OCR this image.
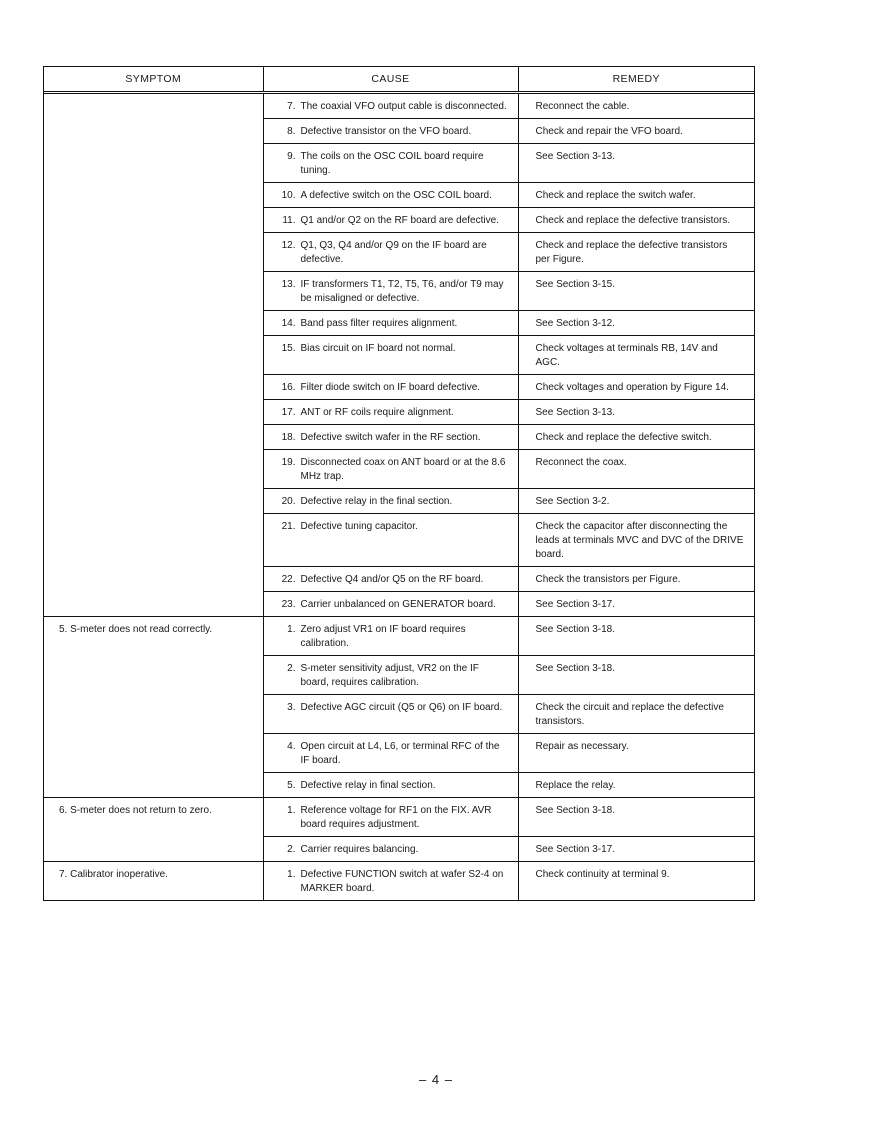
SYMPTOM	CAUSE	REMEDY

	7. The coaxial VFO output cable is disconnected.	Reconnect the cable.

	8. Defective transistor on the VFO board.	Check and repair the VFO board.

	9. The coils on the OSC COIL board require tuning.	See Section 3-13.

	10. A defective switch on the OSC COIL board.	Check and replace the switch wafer.

	11. Q1 and/or Q2 on the RF board are defective.	Check and replace the defective transistors.

	12. Q1, Q3, Q4 and/or Q9 on the IF board are defective.	Check and replace the defective transistors per Figure.

	13. IF transformers T1, T2, T5, T6, and/or T9 may be misaligned or defective.	See Section 3-15.

	14. Band pass filter requires alignment.	See Section 3-12.

	15. Bias circuit on IF board not normal.	Check voltages at terminals RB, 14V and AGC.

	16. Filter diode switch on IF board defective.	Check voltages and operation by Figure 14.

	17. ANT or RF coils require alignment.	See Section 3-13.

	18. Defective switch wafer in the RF section.	Check and replace the defective switch.

	19. Disconnected coax on ANT board or at the 8.6 MHz trap.	Reconnect the coax.

	20. Defective relay in the final section.	See Section 3-2.

	21. Defective tuning capacitor.	Check the capacitor after disconnecting the leads at terminals MVC and DVC of the DRIVE board.

	22. Defective Q4 and/or Q5 on the RF board.	Check the transistors per Figure.

	23. Carrier unbalanced on GENERATOR board.	See Section 3-17.
5. S-meter does not read correctly.	1. Zero adjust VR1 on IF board requires calibration.	See Section 3-18.

	2. S-meter sensitivity adjust, VR2 on the IF board, requires calibration.	See Section 3-18.

	3. Defective AGC circuit (Q5 or Q6) on IF board.	Check the circuit and replace the defective transistors.

	4. Open circuit at L4, L6, or terminal RFC of the IF board.	Repair as necessary.

	5. Defective relay in final section.	Replace the relay.
6. S-meter does not return to zero.	1. Reference voltage for RF1 on the FIX. AVR board requires adjustment.	See Section 3-18.

	2. Carrier requires balancing.	See Section 3-17.
7. Calibrator inoperative.	1. Defective FUNCTION switch at wafer S2-4 on MARKER board.	Check continuity at terminal 9.
– 4 –
